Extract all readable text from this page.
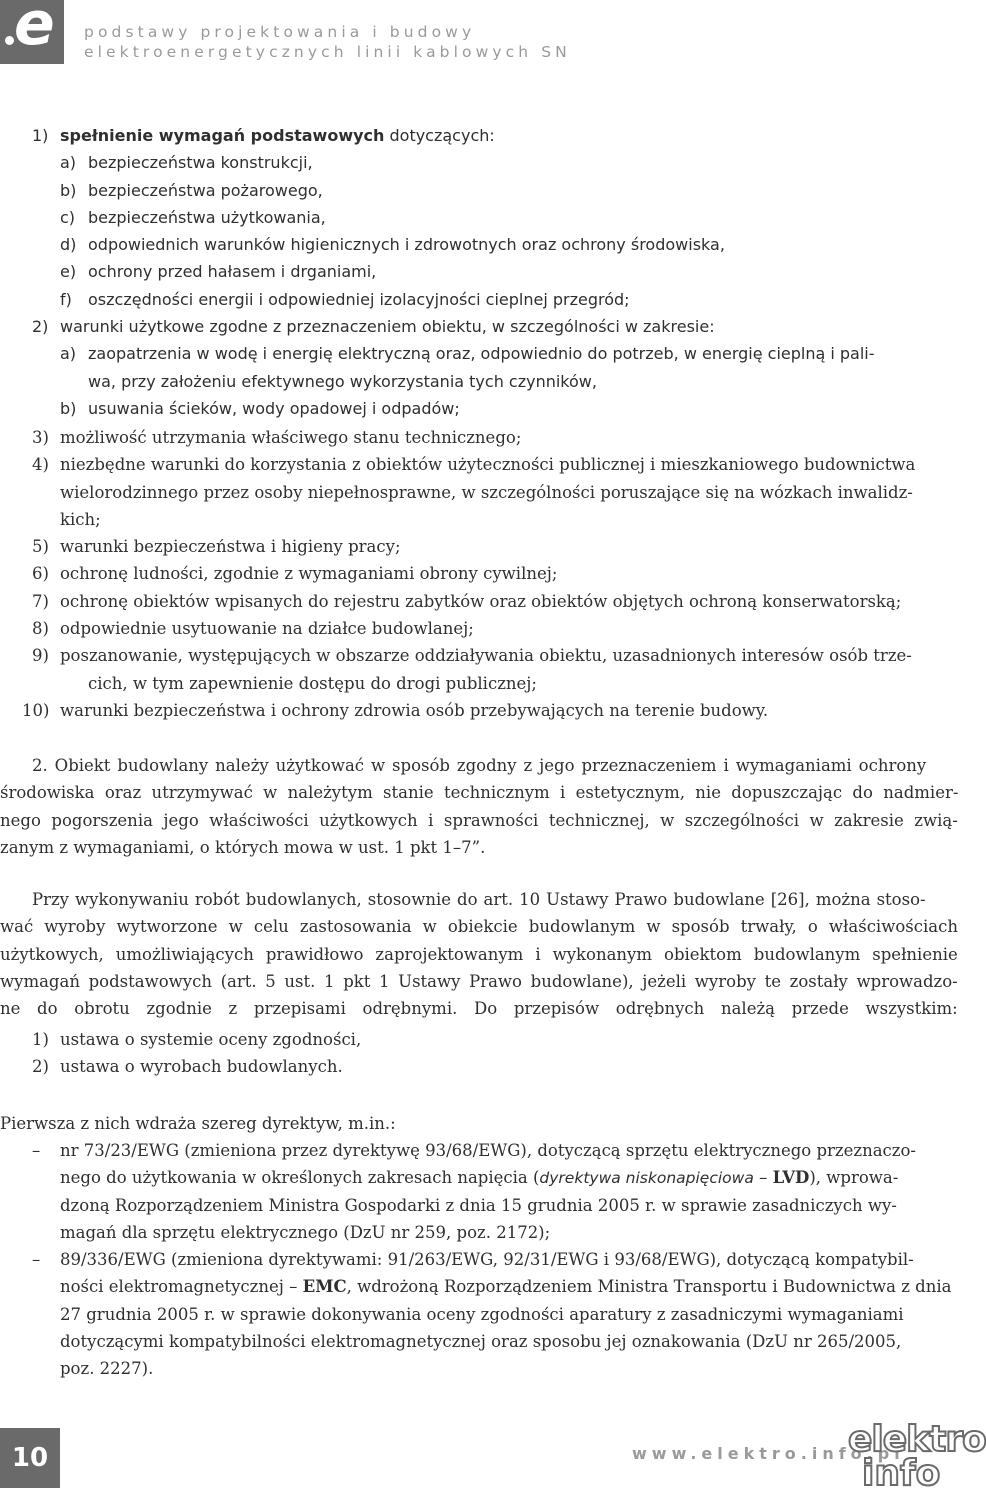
e podstawy projektowania i budowy
elektroenergetycznych linii kablowych SN
1) spełnienie wymagań podstawowych dotyczących:
a) bezpieczeństwa konstrukcji,
b) bezpieczeństwa pożarowego,
c) bezpieczeństwa użytkowania,
d) odpowiednich warunków higienicznych i zdrowotnych oraz ochrony środowiska,
e) ochrony przed hałasem i drganiami,
f) oszczędności energii i odpowiedniej izolacyjności cieplnej przegród;
2) warunki użytkowe zgodne z przeznaczeniem obiektu, w szczególności w zakresie:
a) zaopatrzenia w wodę i energię elektryczną oraz, odpowiednio do potrzeb, w energię cieplną i pali-
wa, przy założeniu efektywnego wykorzystania tych czynników,
b) usuwania ścieków, wody opadowej i odpadów;
3) możliwość utrzymania właściwego stanu technicznego;
4) niezbędne warunki do korzystania z obiektów użyteczności publicznej i mieszkaniowego budownictwa
wielorodzinnego przez osoby niepełnosprawne, w szczególności poruszające się na wózkach inwalidz-
kich;
5) warunki bezpieczeństwa i higieny pracy;
6) ochronę ludności, zgodnie z wymaganiami obrony cywilnej;
7) ochronę obiektów wpisanych do rejestru zabytków oraz obiektów objętych ochroną konserwatorską;
8) odpowiednie usytuowanie na działce budowlanej;
9) poszanowanie, występujących w obszarze oddziaływania obiektu, uzasadnionych interesów osób trze-
cich, w tym zapewnienie dostępu do drogi publicznej;
10) warunki bezpieczeństwa i ochrony zdrowia osób przebywających na terenie budowy.
2. Obiekt budowlany należy użytkować w sposób zgodny z jego przeznaczeniem i wymaganiami ochrony
środowiska oraz utrzymywać w należytym stanie technicznym i estetycznym, nie dopuszczając do nadmier-
nego pogorszenia jego właściwości użytkowych i sprawności technicznej, w szczególności w zakresie zwią-
zanym z wymaganiami, o których mowa w ust. 1 pkt 1–7”.
Przy wykonywaniu robót budowlanych, stosownie do art. 10 Ustawy Prawo budowlane [26], można stoso-
wać wyroby wytworzone w celu zastosowania w obiekcie budowlanym w sposób trwały, o właściwościach
użytkowych, umożliwiających prawidłowo zaprojektowanym i wykonanym obiektom budowlanym spełnienie
wymagań podstawowych (art. 5 ust. 1 pkt 1 Ustawy Prawo budowlane), jeżeli wyroby te zostały wprowadzo-
ne do obrotu zgodnie z przepisami odrębnymi. Do przepisów odrębnych należą przede wszystkim:
1) ustawa o systemie oceny zgodności,
2) ustawa o wyrobach budowlanych.
Pierwsza z nich wdraża szereg dyrektyw, m.in.:
– nr 73/23/EWG (zmieniona przez dyrektywę 93/68/EWG), dotyczącą sprzętu elektrycznego przeznaczo-
nego do użytkowania w określonych zakresach napięcia (dyrektywa niskonapięciowa – LVD), wprowa-
dzoną Rozporządzeniem Ministra Gospodarki z dnia 15 grudnia 2005 r. w sprawie zasadniczych wy-
magań dla sprzętu elektrycznego (DzU nr 259, poz. 2172);
– 89/336/EWG (zmieniona dyrektywami: 91/263/EWG, 92/31/EWG i 93/68/EWG), dotyczącą kompatybil-
ności elektromagnetycznej – EMC, wdrożoną Rozporządzeniem Ministra Transportu i Budownictwa z dnia
27 grudnia 2005 r. w sprawie dokonywania oceny zgodności aparatury z zasadniczymi wymaganiami
dotyczącymi kompatybilności elektromagnetycznej oraz sposobu jej oznakowania (DzU nr 265/2005,
poz. 2227).
10	www.elektro.info.pl
elektro
info
